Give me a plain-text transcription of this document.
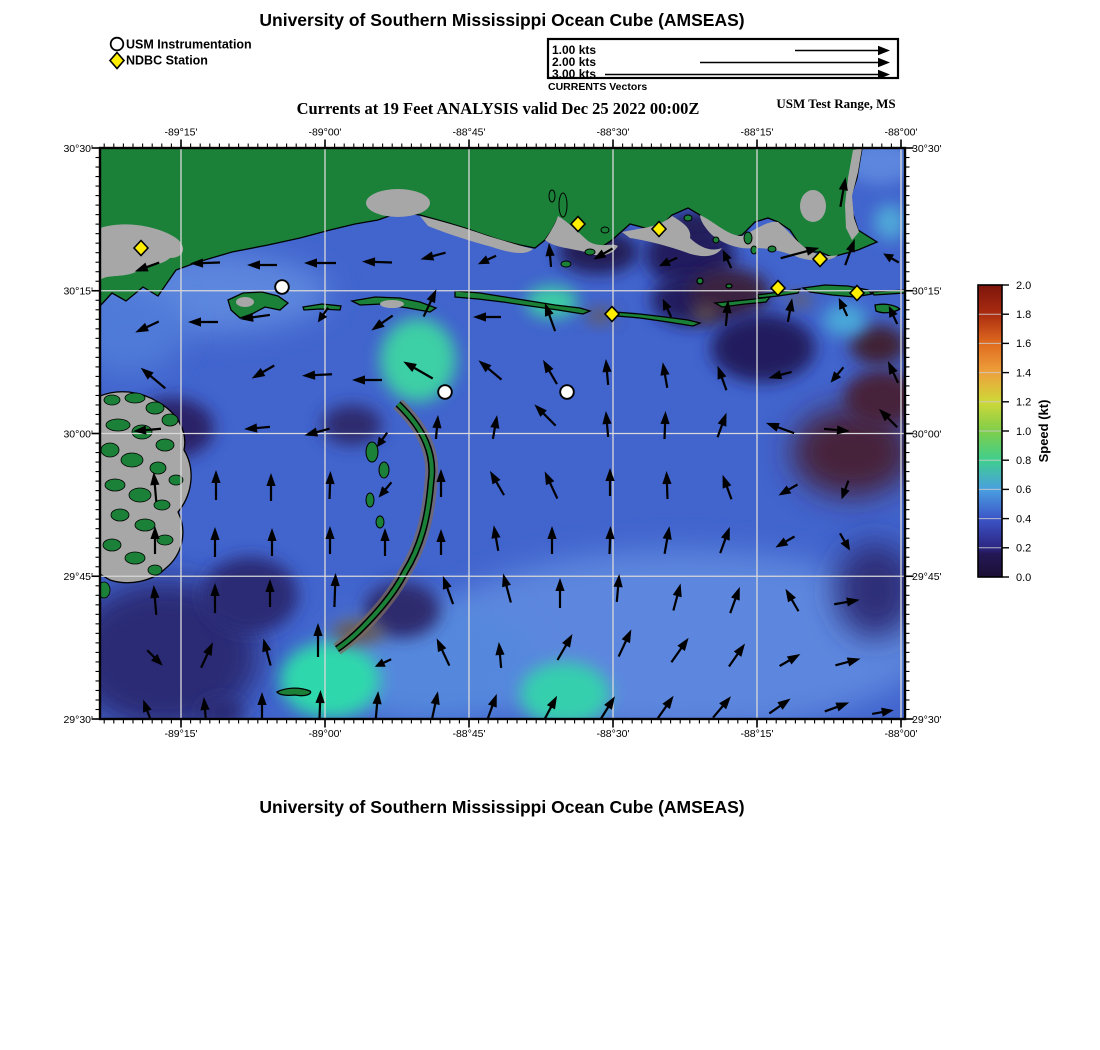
University of Southern Mississippi Ocean Cube (AMSEAS)
Currents at 19 Feet ANALYSIS valid Dec 25 2022 00:00Z	USM Test Range, MS
University of Southern Mississippi Ocean Cube (AMSEAS)
USM Instrumentation
NDBC Station
1.00 kts
2.00 kts
3.00 kts
CURRENTS Vectors
-89°15'
-89°15'
-89°00'
-89°00'
-88°45'
-88°45'
-88°30'
-88°30'
-88°15'
-88°15'
-88°00'
-88°00'
30°30'	30°30'
30°15'	30°15'
30°00'	30°00'
29°45'	29°45'
29°30'	29°30'
2.0
1.8
1.6
1.4
1.2
1.0
0.8
0.6
0.4
0.2
0.0
Speed (kt)
